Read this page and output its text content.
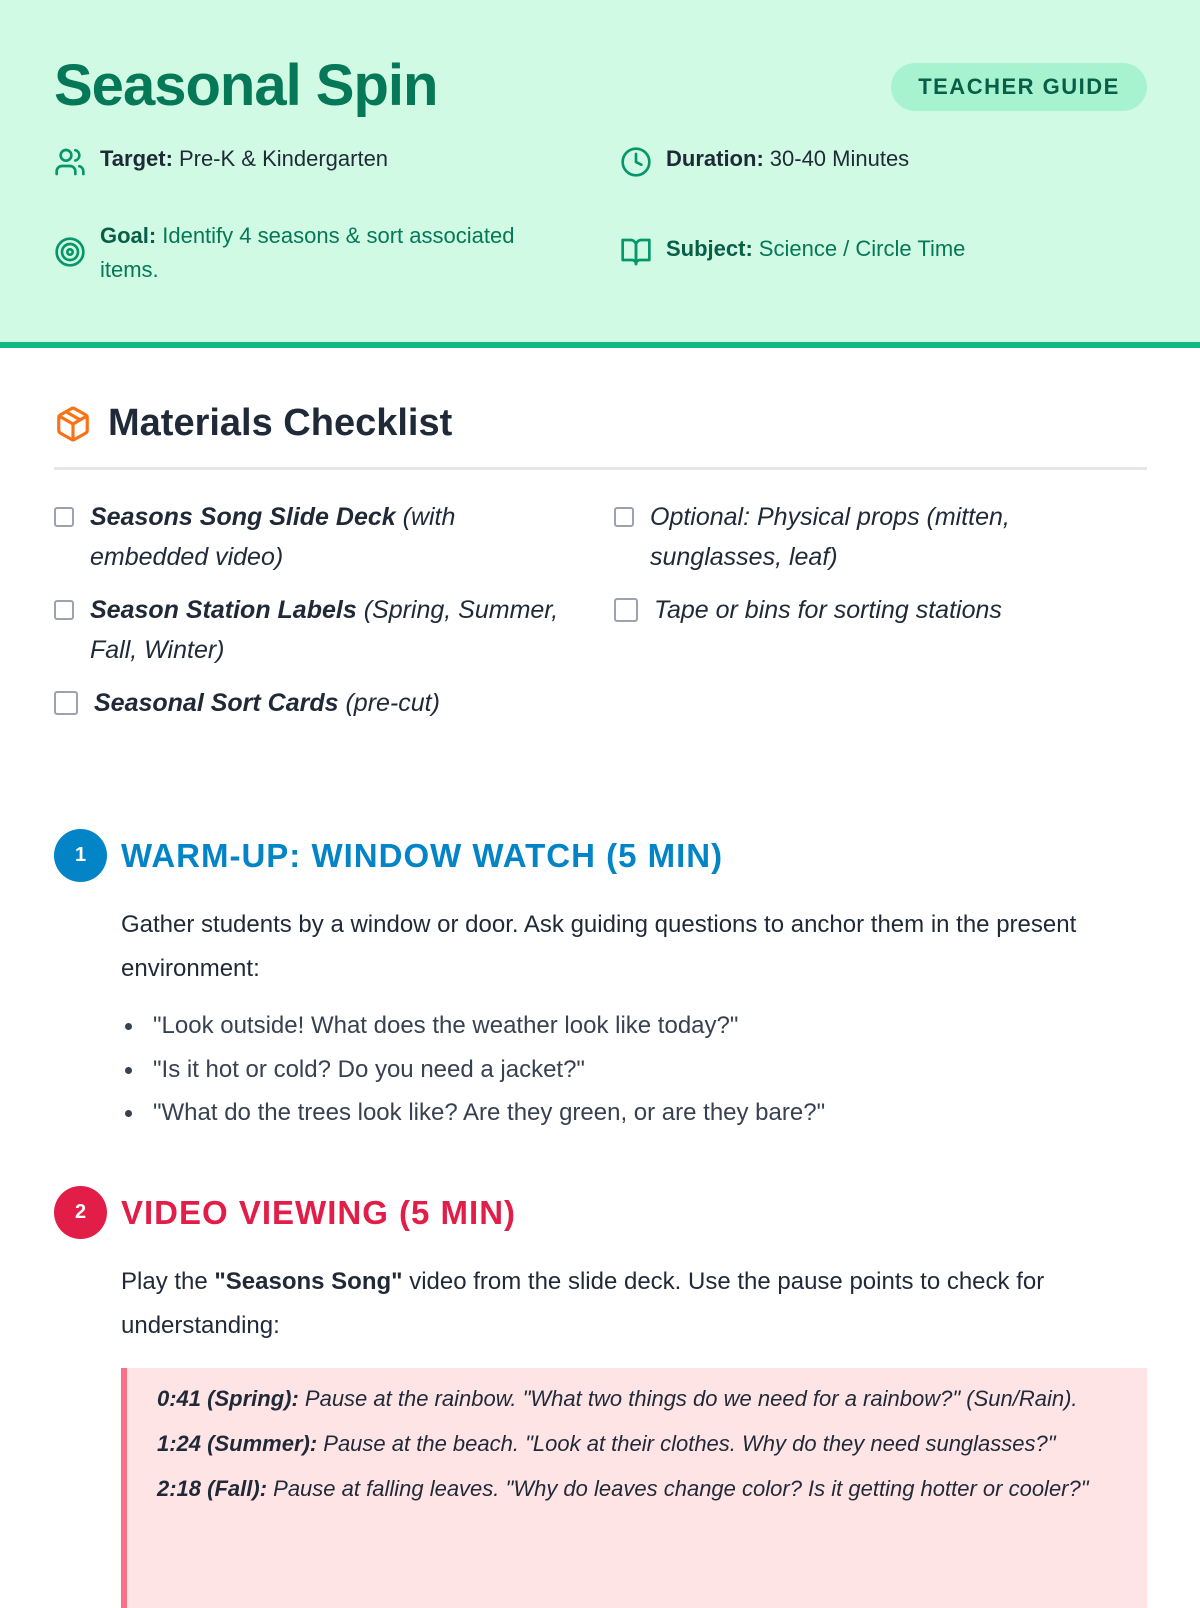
Seasonal Spin	TEACHER GUIDE
Target: Pre-K & Kindergarten	Duration: 30-40 Minutes
Goal: Identify 4 seasons & sort associated items.
Subject: Science / Circle Time
Materials Checklist
Seasons Song Slide Deck (with embedded video)
Season Station Labels (Spring, Summer, Fall, Winter)
Seasonal Sort Cards (pre-cut)
Optional: Physical props (mitten, sunglasses, leaf)
Tape or bins for sorting stations
1	WARM-UP: WINDOW WATCH (5 MIN)

Gather students by a window or door. Ask guiding questions to anchor them in the present environment:

"Look outside! What does the weather look like today?"
"Is it hot or cold? Do you need a jacket?"
"What do the trees look like? Are they green, or are they bare?"
2	VIDEO VIEWING (5 MIN)

Play the "Seasons Song" video from the slide deck. Use the pause points to check for understanding:

0:41 (Spring): Pause at the rainbow. "What two things do we need for a rainbow?" (Sun/Rain).

1:24 (Summer): Pause at the beach. "Look at their clothes. Why do they need sunglasses?"

2:18 (Fall): Pause at falling leaves. "Why do leaves change color? Is it getting hotter or cooler?"
